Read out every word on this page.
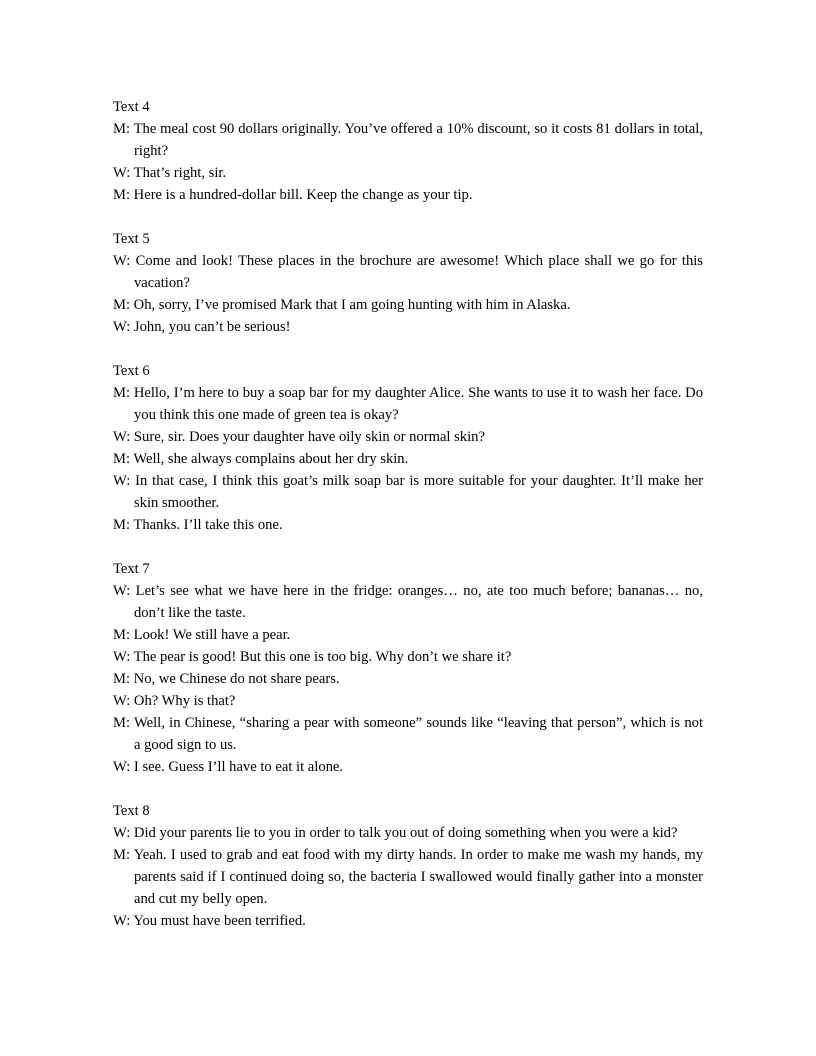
Text 4
M: The meal cost 90 dollars originally. You’ve offered a 10% discount, so it costs 81 dollars in total, right?
W: That’s right, sir.
M: Here is a hundred-dollar bill. Keep the change as your tip.
Text 5
W: Come and look! These places in the brochure are awesome! Which place shall we go for this vacation?
M: Oh, sorry, I’ve promised Mark that I am going hunting with him in Alaska.
W: John, you can’t be serious!
Text 6
M: Hello, I’m here to buy a soap bar for my daughter Alice. She wants to use it to wash her face. Do you think this one made of green tea is okay?
W: Sure, sir. Does your daughter have oily skin or normal skin?
M: Well, she always complains about her dry skin.
W: In that case, I think this goat’s milk soap bar is more suitable for your daughter. It’ll make her skin smoother.
M: Thanks. I’ll take this one.
Text 7
W: Let’s see what we have here in the fridge: oranges… no, ate too much before; bananas… no, don’t like the taste.
M: Look! We still have a pear.
W: The pear is good! But this one is too big. Why don’t we share it?
M: No, we Chinese do not share pears.
W: Oh? Why is that?
M: Well, in Chinese, “sharing a pear with someone” sounds like “leaving that person”, which is not a good sign to us.
W: I see. Guess I’ll have to eat it alone.
Text 8
W: Did your parents lie to you in order to talk you out of doing something when you were a kid?
M: Yeah. I used to grab and eat food with my dirty hands. In order to make me wash my hands, my parents said if I continued doing so, the bacteria I swallowed would finally gather into a monster and cut my belly open.
W: You must have been terrified.
